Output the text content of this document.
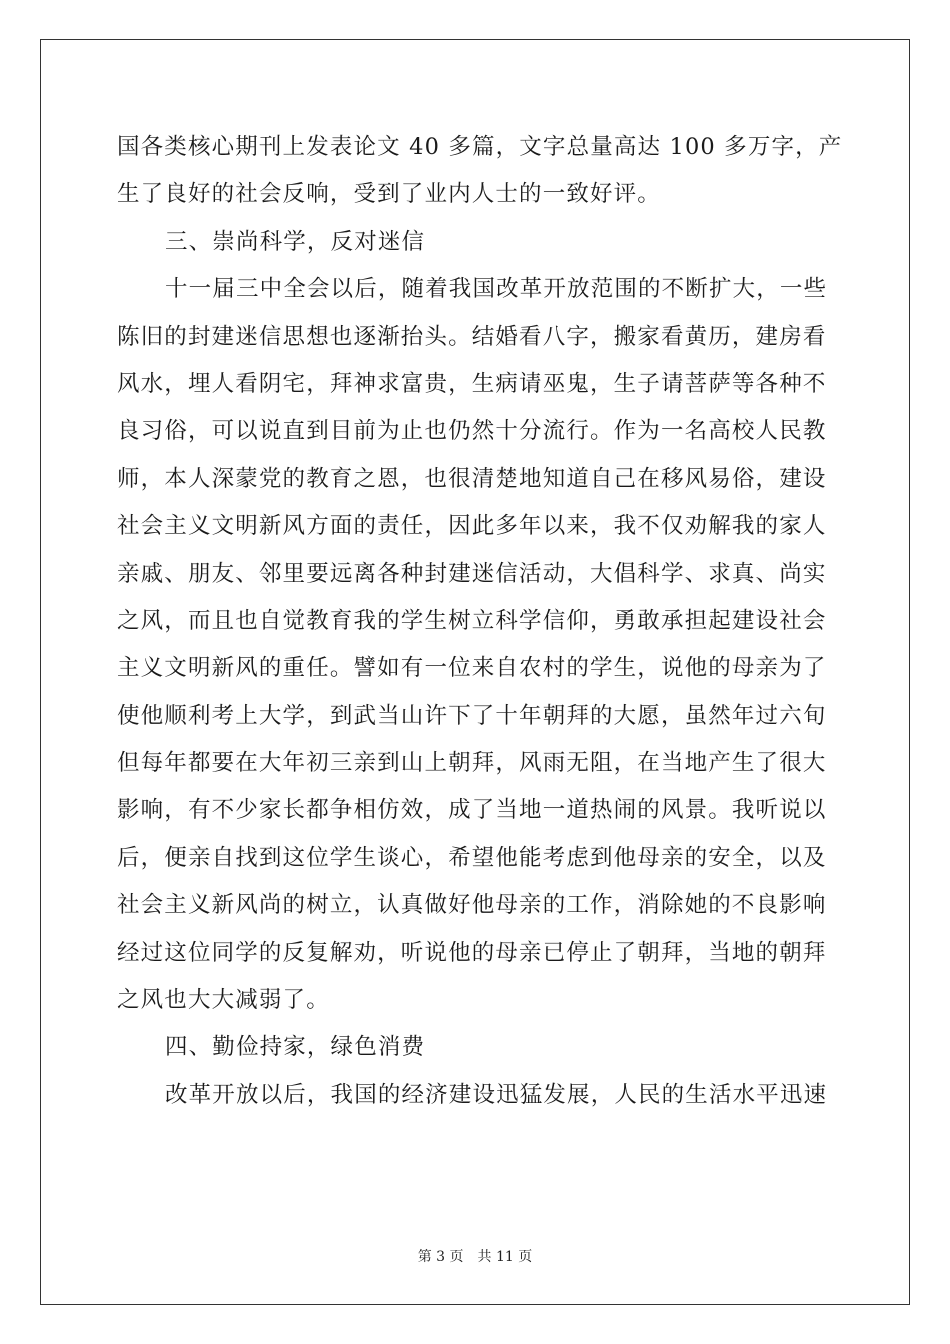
国各类核心期刊上发表论文 40 多篇，文字总量高达 100 多万字，产
生了良好的社会反响，受到了业内人士的一致好评。
三、崇尚科学，反对迷信
十一届三中全会以后，随着我国改革开放范围的不断扩大，一些
陈旧的封建迷信思想也逐渐抬头。结婚看八字，搬家看黄历，建房看
风水，埋人看阴宅，拜神求富贵，生病请巫鬼，生子请菩萨等各种不
良习俗，可以说直到目前为止也仍然十分流行。作为一名高校人民教
师，本人深蒙党的教育之恩，也很清楚地知道自己在移风易俗，建设
社会主义文明新风方面的责任，因此多年以来，我不仅劝解我的家人
亲戚、朋友、邻里要远离各种封建迷信活动，大倡科学、求真、尚实
之风，而且也自觉教育我的学生树立科学信仰，勇敢承担起建设社会
主义文明新风的重任。譬如有一位来自农村的学生，说他的母亲为了
使他顺利考上大学，到武当山许下了十年朝拜的大愿，虽然年过六旬
但每年都要在大年初三亲到山上朝拜，风雨无阻，在当地产生了很大
影响，有不少家长都争相仿效，成了当地一道热闹的风景。我听说以
后，便亲自找到这位学生谈心，希望他能考虑到他母亲的安全，以及
社会主义新风尚的树立，认真做好他母亲的工作，消除她的不良影响
经过这位同学的反复解劝，听说他的母亲已停止了朝拜，当地的朝拜
之风也大大减弱了。
四、勤俭持家，绿色消费
改革开放以后，我国的经济建设迅猛发展，人民的生活水平迅速
第 3 页 共 11 页
